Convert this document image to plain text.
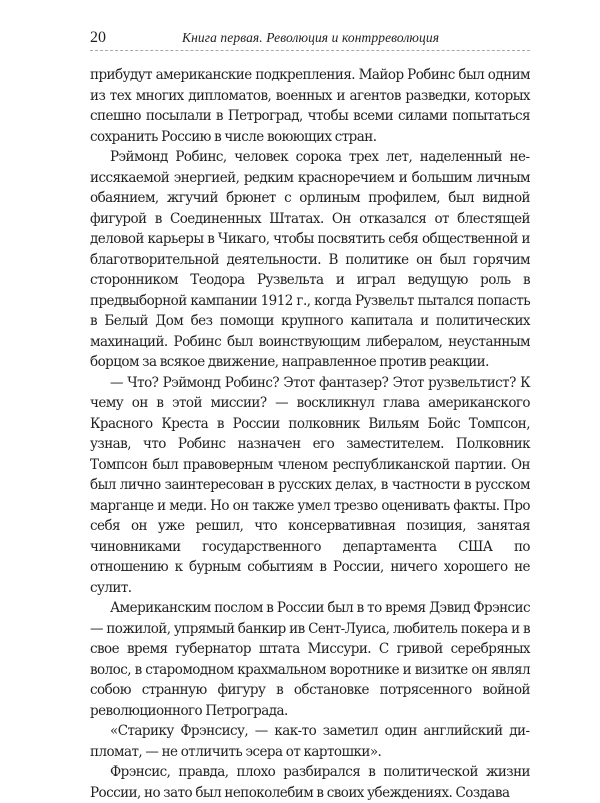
20	Книга первая. Революция и контрреволюция

прибудут американские подкрепления. Майор Робинс был одним из тех многих дипломатов, военных и агентов разведки, которых спешно посылали в Петроград, чтобы всеми силами попытаться сохранить Россию в числе воюющих стран.

Рэймонд Робинс, человек сорока трех лет, наделенный неиссякаемой энергией, редким красноречием и большим личным обаянием, жгучий брюнет с орлиным профилем, был видной фигурой в Соединенных Штатах. Он отказался от блестящей деловой карьеры в Чикаго, чтобы посвятить себя общественной и благотворительной деятельности. В политике он был горячим сторонником Теодора Рузвельта и играл ведущую роль в предвыборной кампании 1912 г., когда Рузвельт пытался попасть в Белый Дом без помощи крупного капитала и политических махинаций. Робинс был воинствующим либералом, неустанным борцом за всякое движение, направленное против реакции.

— Что? Рэймонд Робинс? Этот фантазер? Этот рузвельтист? К чему он в этой миссии? — воскликнул глава американского Красного Креста в России полковник Вильям Бойс Томпсон, узнав, что Робинс назначен его заместителем. Полковник Томпсон был правоверным членом республиканской партии. Он был лично заинтересован в русских делах, в частности в русском марганце и меди. Но он также умел трезво оценивать факты. Про себя он уже решил, что консервативная позиция, занятая чиновниками государственного департамента США по отношению к бурным событиям в России, ничего хорошего не сулит.

Американским послом в России был в то время Дэвид Фрэнсис — пожилой, упрямый банкир ив Сент-Луиса, любитель покера и в свое время губернатор штата Миссури. С гривой серебряных волос, в старомодном крахмальном воротнике и визитке он являл собою странную фигуру в обстановке потрясенного войной революционного Петрограда.

«Старику Фрэнсису, — как-то заметил один английский дипломат, — не отличить эсера от картошки».

Фрэнсис, правда, плохо разбирался в политической жизни России, но зато был непоколебим в своих убеждениях. Создава
